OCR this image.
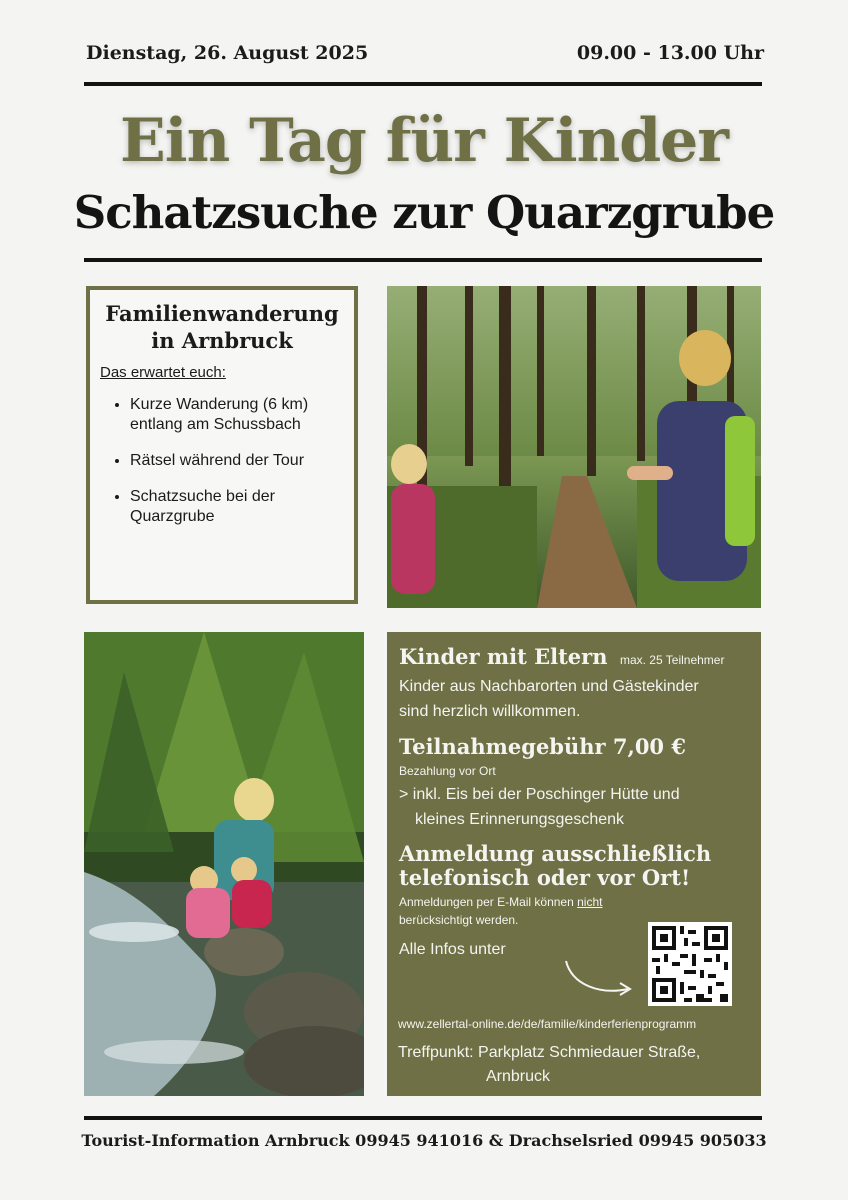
Dienstag, 26. August 2025	09.00 - 13.00 Uhr
Ein Tag für Kinder
Schatzsuche zur Quarzgrube
Familienwanderung
in Arnbruck

Das erwartet euch:

• Kurze Wanderung (6 km)
entlang am Schussbach
• Rätsel während der Tour
• Schatzsuche bei der
Quarzgrube
Kinder mit Eltern max. 25 Teilnehmer
Kinder aus Nachbarorten und Gästekinder
sind herzlich willkommen.
Teilnahmegebühr 7,00 €
Bezahlung vor Ort
> inkl. Eis bei der Poschinger Hütte und
kleines Erinnerungsgeschenk
Anmeldung ausschließlich
telefonisch oder vor Ort!
Anmeldungen per E-Mail können nicht
berücksichtigt werden.
Alle Infos unter
www.zellertal-online.de/de/familie/kinderferienprogramm
Treffpunkt: Parkplatz Schmiedauer Straße,
Arnbruck
Tourist-Information Arnbruck 09945 941016 & Drachselsried 09945 905033
